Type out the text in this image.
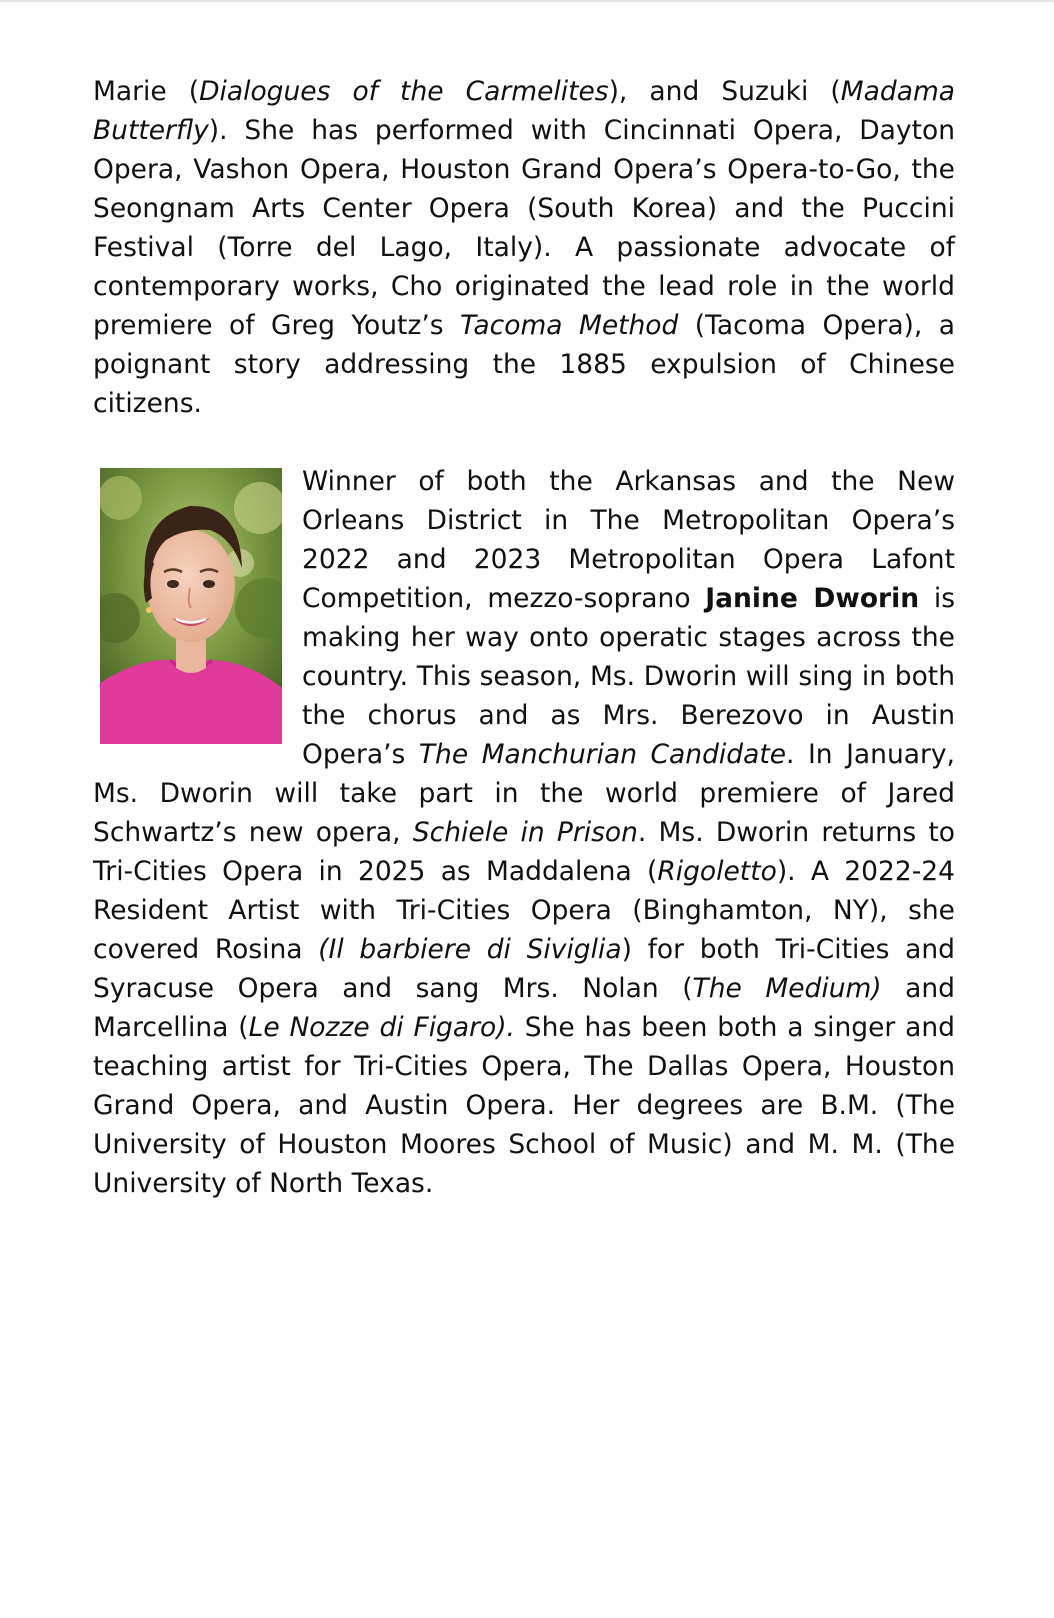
Marie (Dialogues of the Carmelites), and Suzuki (Madama Butterfly). She has performed with Cincinnati Opera, Dayton Opera, Vashon Opera, Houston Grand Opera’s Opera-to-Go, the Seongnam Arts Center Opera (South Korea) and the Puccini Festival (Torre del Lago, Italy). A passionate advocate of contemporary works, Cho originated the lead role in the world premiere of Greg Youtz’s Tacoma Method (Tacoma Opera), a poignant story addressing the 1885 expulsion of Chinese citizens.

Winner of both the Arkansas and the New Orleans District in The Metropolitan Opera’s 2022 and 2023 Metropolitan Opera Lafont Competition, mezzo-soprano Janine Dworin is making her way onto operatic stages across the country. This season, Ms. Dworin will sing in both the chorus and as Mrs. Berezovo in Austin Opera’s The Manchurian Candidate. In January, Ms. Dworin will take part in the world premiere of Jared Schwartz’s new opera, Schiele in Prison. Ms. Dworin returns to Tri-Cities Opera in 2025 as Maddalena (Rigoletto). A 2022-24 Resident Artist with Tri-Cities Opera (Binghamton, NY), she covered Rosina (Il barbiere di Siviglia) for both Tri-Cities and Syracuse Opera and sang Mrs. Nolan (The Medium) and Marcellina (Le Nozze di Figaro). She has been both a singer and teaching artist for Tri-Cities Opera, The Dallas Opera, Houston Grand Opera, and Austin Opera. Her degrees are B.M. (The University of Houston Moores School of Music) and M. M. (The University of North Texas.
